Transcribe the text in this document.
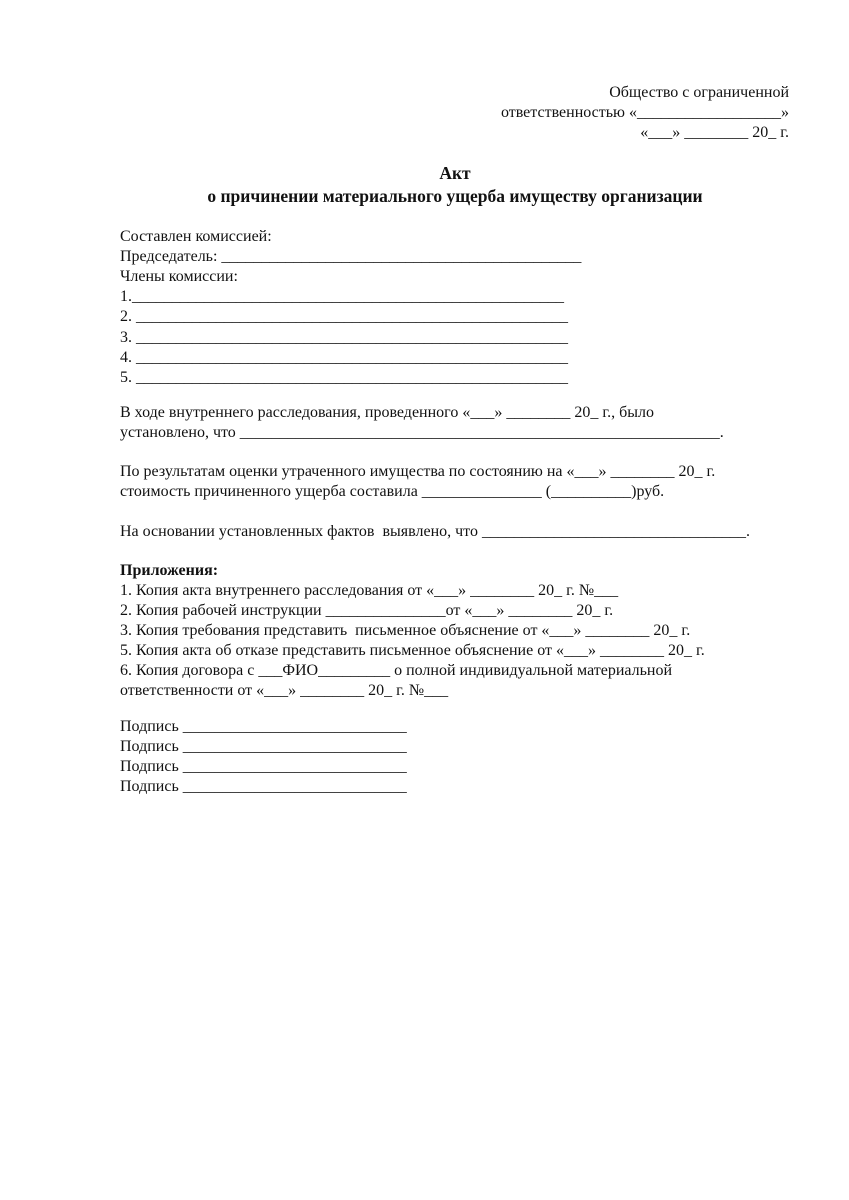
Общество с ограниченной
ответственностью «__________________»
«___» ________ 20_ г.
Акт
о причинении материального ущерба имуществу организации
Составлен комиссией:
Председатель: _____________________________________________
Члены комиссии:
1.______________________________________________________
2. ______________________________________________________
3. ______________________________________________________
4. ______________________________________________________
5. ______________________________________________________
В ходе внутреннего расследования, проведенного «___» ________ 20_ г., было
установлено, что ____________________________________________________________.
По результатам оценки утраченного имущества по состоянию на «___» ________ 20_ г.
стоимость причиненного ущерба составила _______________ (__________)руб.
На основании установленных фактов  выявлено, что _________________________________.
Приложения:
1. Копия акта внутреннего расследования от «___» ________ 20_ г. №___
2. Копия рабочей инструкции _______________от «___» ________ 20_ г.
3. Копия требования представить  письменное объяснение от «___» ________ 20_ г.
5. Копия акта об отказе представить письменное объяснение от «___» ________ 20_ г.
6. Копия договора с ___ФИО_________ о полной индивидуальной материальной
ответственности от «___» ________ 20_ г. №___
Подпись ____________________________
Подпись ____________________________
Подпись ____________________________
Подпись ____________________________
